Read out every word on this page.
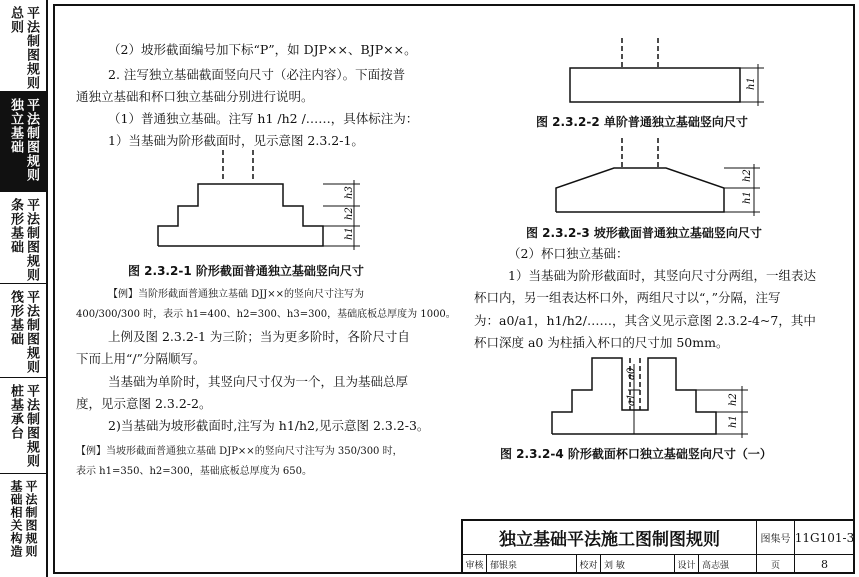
总则 平法制图规则
独立基础 平法制图规则
条形基础 平法制图规则
筏形基础 平法制图规则
桩基承台 平法制图规则
基础相关构造 平法制图规则
（2）坡形截面编号加下标“P”，如 DJP××、BJP××。
2. 注写独立基础截面竖向尺寸（必注内容）。下面按普
通独立基础和杯口独立基础分别进行说明。
（1）普通独立基础。注写 h1 /h2 /……，具体标注为：
1）当基础为阶形截面时，见示意图 2.3.2-1。
h3
h2
h1
图 2.3.2-1 阶形截面普通独立基础竖向尺寸
【例】当阶形截面普通独立基础 DJJ××的竖向尺寸注写为
400/300/300 时，表示 h1=400、h2=300、h3=300，基础底板总厚度为 1000。
上例及图 2.3.2-1 为三阶；当为更多阶时，各阶尺寸自
下而上用“/”分隔顺写。
当基础为单阶时，其竖向尺寸仅为一个，且为基础总厚
度，见示意图 2.3.2-2。
2)当基础为坡形截面时,注写为 h1/h2,见示意图 2.3.2-3。
【例】当坡形截面普通独立基础 DJP××的竖向尺寸注写为 350/300 时，
表示 h1=350、h2=300，基础底板总厚度为 650。
h1
图 2.3.2-2 单阶普通独立基础竖向尺寸
h2
h1
图 2.3.2-3 坡形截面普通独立基础竖向尺寸
（2）杯口独立基础：
1）当基础为阶形截面时，其竖向尺寸分两组，一组表达
杯口内，另一组表达杯口外，两组尺寸以“，”分隔，注写
为：a0/a1，h1/h2/……，其含义见示意图 2.3.2-4~7，其中
杯口深度 a0 为柱插入杯口的尺寸加 50mm。
a0
a1	h2
h1
图 2.3.2-4 阶形截面杯口独立基础竖向尺寸（一）
独立基础平法施工图制图规则	图集号 11G101-3
审核 郁银泉	校对 刘 敏	设计 高志强	页	8
